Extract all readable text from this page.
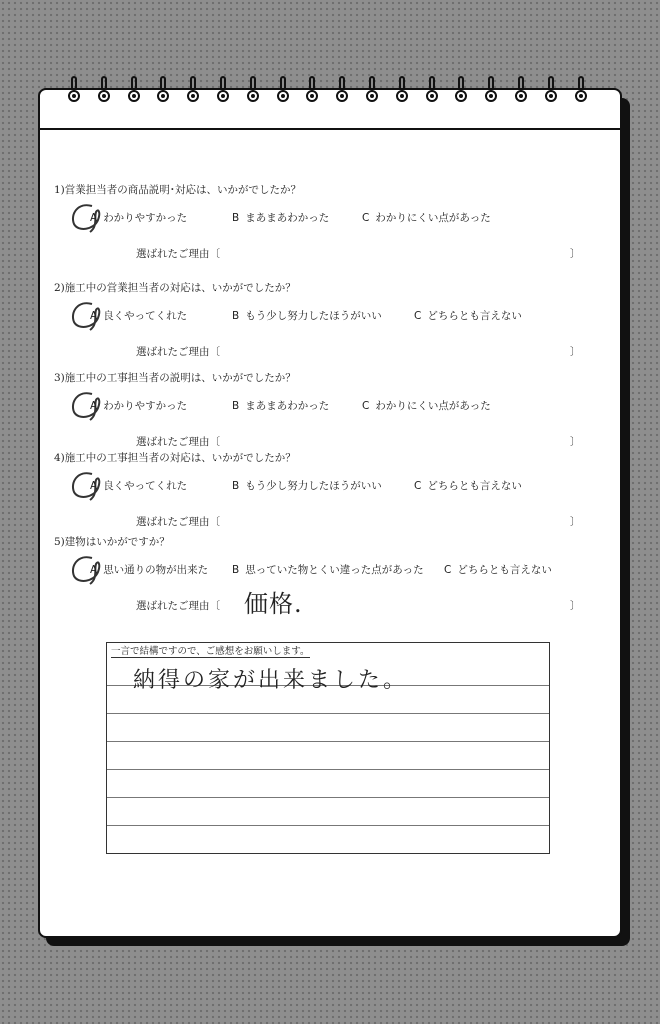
1)営業担当者の商品説明･対応は、いかがでしたか？
A わかりやすかった	B まあまあわかった	C わかりにくい点があった
選ばれたご理由〔	〕
2)施工中の営業担当者の対応は、いかがでしたか？
A 良くやってくれた	B もう少し努力したほうがいい	C どちらとも言えない
選ばれたご理由〔	〕
3)施工中の工事担当者の説明は、いかがでしたか？
A わかりやすかった	B まあまあわかった	C わかりにくい点があった
選ばれたご理由〔	〕
4)施工中の工事担当者の対応は、いかがでしたか？
A 良くやってくれた	B もう少し努力したほうがいい	C どちらとも言えない
選ばれたご理由〔	〕
5)建物はいかがですか？
A 思い通りの物が出来た B 思っていた物とくい違った点があった C どちらとも言えない
選ばれたご理由〔	〕
価格.
一言で結構ですので、ご感想をお願いします。
納得の家が出来ました。
